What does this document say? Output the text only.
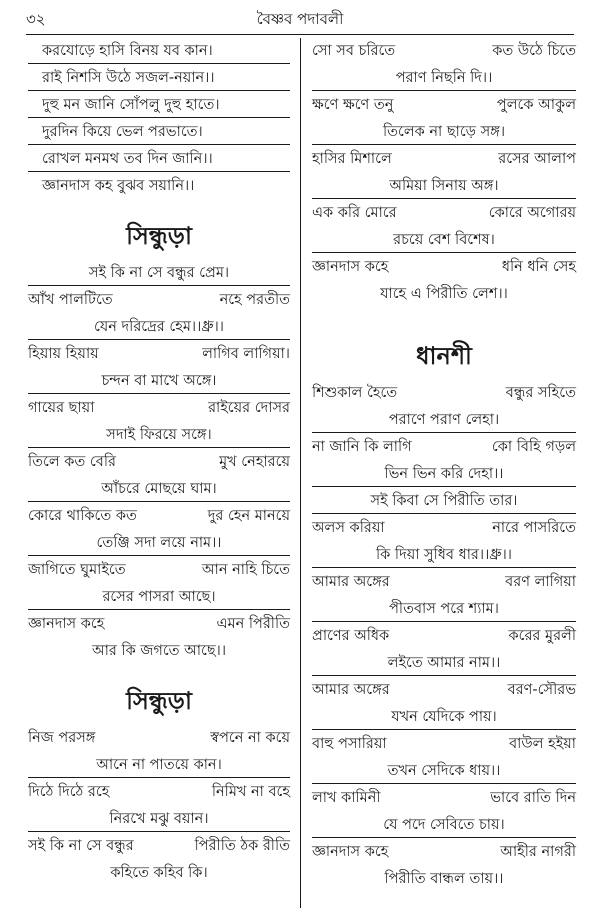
৩২	বৈষ্ণব পদাবলী
করযোড়ে হাসি বিনয় যব কান।
রাই নিশসি উঠে সজল-নয়ান।।
দুহু মন জানি সোঁপলু দুহু হাতে।
দুরদিন কিয়ে ভেল পরভাতে।
রোখল মনমথ তব দিন জানি।।
জ্ঞানদাস কহ বুঝব সয়ানি।।
সিন্ধুড়া
সই কি না সে বন্ধুর প্রেম।
আঁখ পালটিতে	নহে পরতীত
যেন দরিদ্রের হেম।।ধ্রু।।
হিয়ায় হিয়ায়	লাগিব লাগিয়া।
চন্দন বা মাখে অঙ্গে।
গায়ের ছায়া	রাইয়ের দোসর
সদাই ফিরয়ে সঙ্গে।
তিলে কত বেরি	মুখ নেহারয়ে
আঁচরে মোছয়ে ঘাম।
কোরে থাকিতে কত	দুর হেন মানয়ে
তেঞ্জি সদা লয়ে নাম।।
জাগিতে ঘুমাইতে	আন নাহি চিতে
রসের পাসরা আছে।
জ্ঞানদাস কহে	এমন পিরীতি
আর কি জগতে আছে।।
সিন্ধুড়া
নিজ পরসঙ্গ	স্বপনে না কয়ে
আনে না পাতয়ে কান।
দিঠে দিঠে রহে	নিমিখ না বহে
নিরখে মঝু বয়ান।
সই কি না সে বন্ধুর	পিরীতি ঠক রীতি
কহিতে কহিব কি।
সো সব চরিতে	কত উঠে চিতে
পরাণ নিছনি দি।।
ক্ষণে ক্ষণে তনু	পুলকে আকুল
তিলেক না ছাড়ে সঙ্গ।
হাসির মিশালে	রসের আলাপ
অমিয়া সিনায় অঙ্গ।
এক করি মোরে	কোরে অগোরয়
রচয়ে বেশ বিশেষ।
জ্ঞানদাস কহে	ধনি ধনি সেহ
যাহে এ পিরীতি লেশ।।
ধানশী
শিশুকাল হৈতে	বন্ধুর সহিতে
পরাণে পরাণ লেহা।
না জানি কি লাগি	কো বিহি গড়ল
ভিন ভিন করি দেহা।।
সই কিবা সে পিরীতি তার।
অলস করিয়া	নারে পাসরিতে
কি দিয়া সুধিব ধার।।ধ্রু।।
আমার অঙ্গের	বরণ লাগিয়া
পীতবাস পরে শ্যাম।
প্রাণের অধিক	করের মুরলী
লইতে আমার নাম।।
আমার অঙ্গের	বরণ-সৌরভ
যখন যেদিকে পায়।
বাহু পসারিয়া	বাউল হইয়া
তখন সেদিকে ধায়।।
লাখ কামিনী	ভাবে রাতি দিন
যে পদে সেবিতে চায়।
জ্ঞানদাস কহে	আহীর নাগরী
পিরীতি বান্ধল তায়।।
